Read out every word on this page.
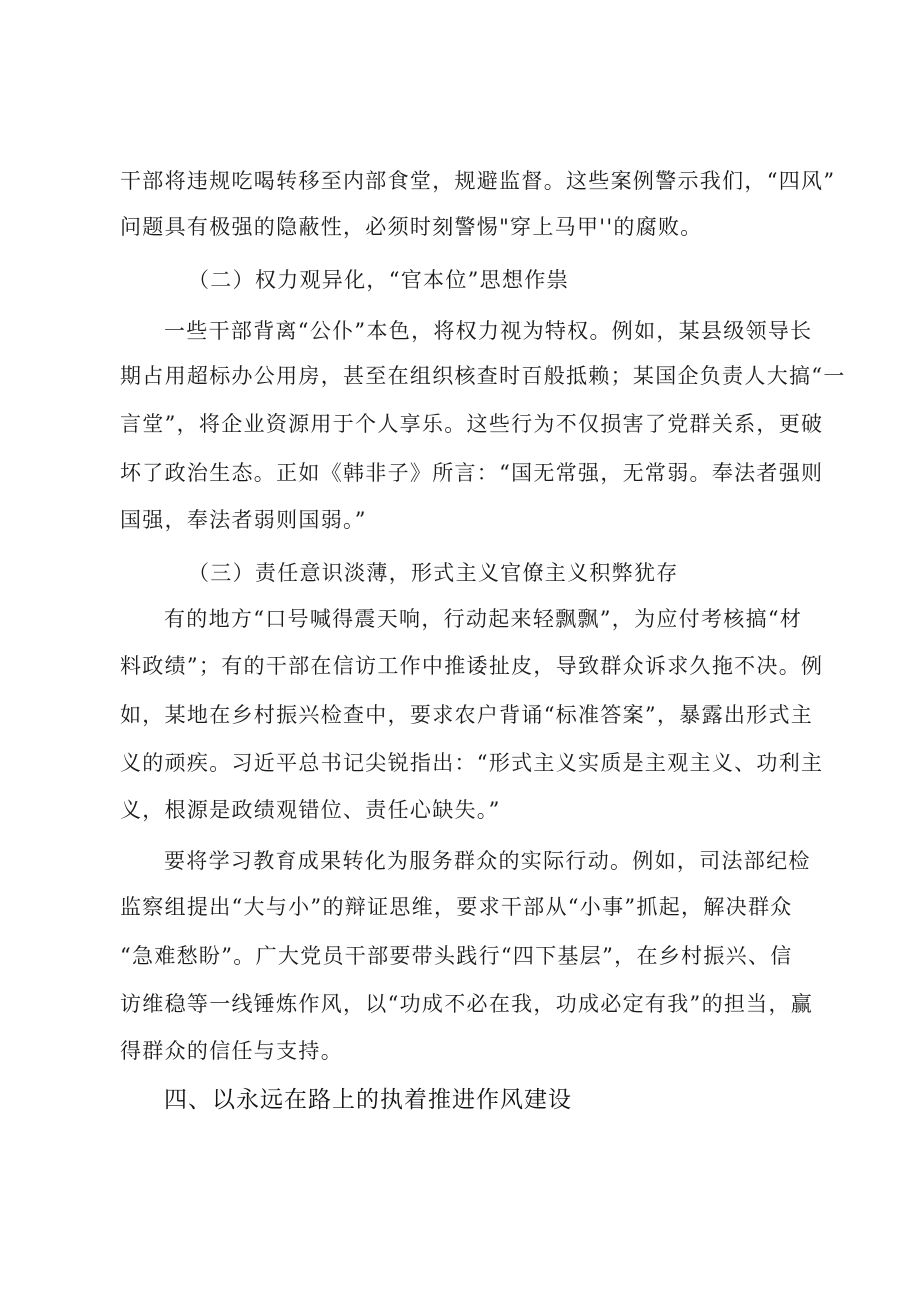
干部将违规吃喝转移至内部食堂，规避监督。这些案例警示我们，“四风”
问题具有极强的隐蔽性，必须时刻警惕"穿上马甲''的腐败。
（二）权力观异化，“官本位”思想作祟
一些干部背离“公仆”本色，将权力视为特权。例如，某县级领导长
期占用超标办公用房，甚至在组织核查时百般抵赖；某国企负责人大搞“一
言堂”，将企业资源用于个人享乐。这些行为不仅损害了党群关系，更破
坏了政治生态。正如《韩非子》所言：“国无常强，无常弱。奉法者强则
国强，奉法者弱则国弱。”
（三）责任意识淡薄，形式主义官僚主义积弊犹存
有的地方“口号喊得震天响，行动起来轻飘飘”，为应付考核搞“材
料政绩”；有的干部在信访工作中推诿扯皮，导致群众诉求久拖不决。例
如，某地在乡村振兴检查中，要求农户背诵“标准答案”，暴露出形式主
义的顽疾。习近平总书记尖锐指出：“形式主义实质是主观主义、功利主
义，根源是政绩观错位、责任心缺失。”
要将学习教育成果转化为服务群众的实际行动。例如，司法部纪检
监察组提出“大与小”的辩证思维，要求干部从“小事”抓起，解决群众
“急难愁盼”。广大党员干部要带头践行“四下基层”，在乡村振兴、信
访维稳等一线锤炼作风，以“功成不必在我，功成必定有我”的担当，赢
得群众的信任与支持。
四、以永远在路上的执着推进作风建设
